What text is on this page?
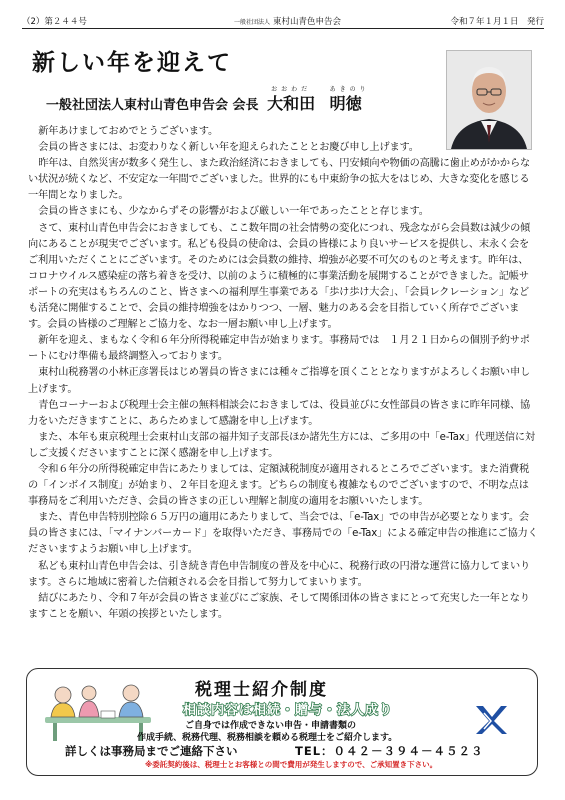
（2）第２４４号	一般社団法人 東村山青色申告会	令和７年１月１日　 発行
新しい年を迎えて
一般社団法人東村山青色申告会 会長
おおわだ
大和田
あきのり
明徳

新年あけましておめでとうございます。

会員の皆さまには、お変わりなく新しい年を迎えられたこととお慶び申し上げます。

昨年は、自然災害が数多く発生し、また政治経済におきましても、円安傾向や物価の高騰に歯止めがかからない状況が続くなど、不安定な一年間でございました。世界的にも中東紛争の拡大をはじめ、大きな変化を感じる一年間となりました。

会員の皆さまにも、少なからずその影響がおよび厳しい一年であったことと存じます。

さて、東村山青色申告会におきましても、ここ数年間の社会情勢の変化につれ、残念ながら会員数は減少の傾向にあることが現実でございます。私ども役員の使命は、会員の皆様により良いサービスを提供し、末永く会をご利用いただくことにございます。そのためには会員数の維持、増強が必要不可欠のものと考えます。昨年は、コロナウイルス感染症の落ち着きを受け、以前のように積極的に事業活動を展開することができました。記帳サポートの充実はもちろんのこと、皆さまへの福利厚生事業である「歩け歩け大会」、「会員レクレーション」なども活発に開催することで、会員の維持増強をはかりつつ、一層、魅力のある会を目指していく所存でございます。会員の皆様のご理解とご協力を、なお一層お願い申し上げます。

新年を迎え、まもなく令和６年分所得税確定申告が始まります。事務局では　１月２１日からの個別予約サポートにむけ準備も最終調整入っております。

東村山税務署の小林正彦署長はじめ署員の皆さまには種々ご指導を頂くこととなりますがよろしくお願い申し上げます。

青色コーナーおよび税理士会主催の無料相談会におきましては、役員並びに女性部員の皆さまに昨年同様、協力をいただきますことに、あらためまして感謝を申し上げます。

また、本年も東京税理士会東村山支部の福井知子支部長ほか諸先生方には、ご多用の中「e-Tax」代理送信に対しご支援くださいますことに深く感謝を申し上げます。

令和６年分の所得税確定申告にあたりましては、定額減税制度が適用されるところでございます。また消費税の「インボイス制度」が始まり、２年目を迎えます。どちらの制度も複雑なものでございますので、不明な点は事務局をご利用いただき、会員の皆さまの正しい理解と制度の適用をお願いいたします。

また、青色申告特別控除６５万円の適用にあたりまして、当会では、「e-Tax」での申告が必要となります。会員の皆さまには、「マイナンバーカード」を取得いただき、事務局での「e-Tax」による確定申告の推進にご協力くださいますようお願い申し上げます。

私ども東村山青色申告会は、引き続き青色申告制度の普及を中心に、税務行政の円滑な運営に協力してまいります。さらに地域に密着した信頼される会を目指して努力してまいります。

結びにあたり、令和７年が会員の皆さま並びにご家族、そして関係団体の皆さまにとって充実した一年となりますことを願い、年頭の挨拶といたします。

税理士紹介制度
相談内容は相続・贈与・法人成り
ご自身では作成できない申告・申請書類の
作成手続、税務代理、税務相談を頼める税理士をご紹介します。
詳しくは事務局までご連絡下さい	TEL：０４２－３９４－４５２３
※委託契約後は、税理士とお客様との間で費用が発生しますので、ご承知置き下さい。
